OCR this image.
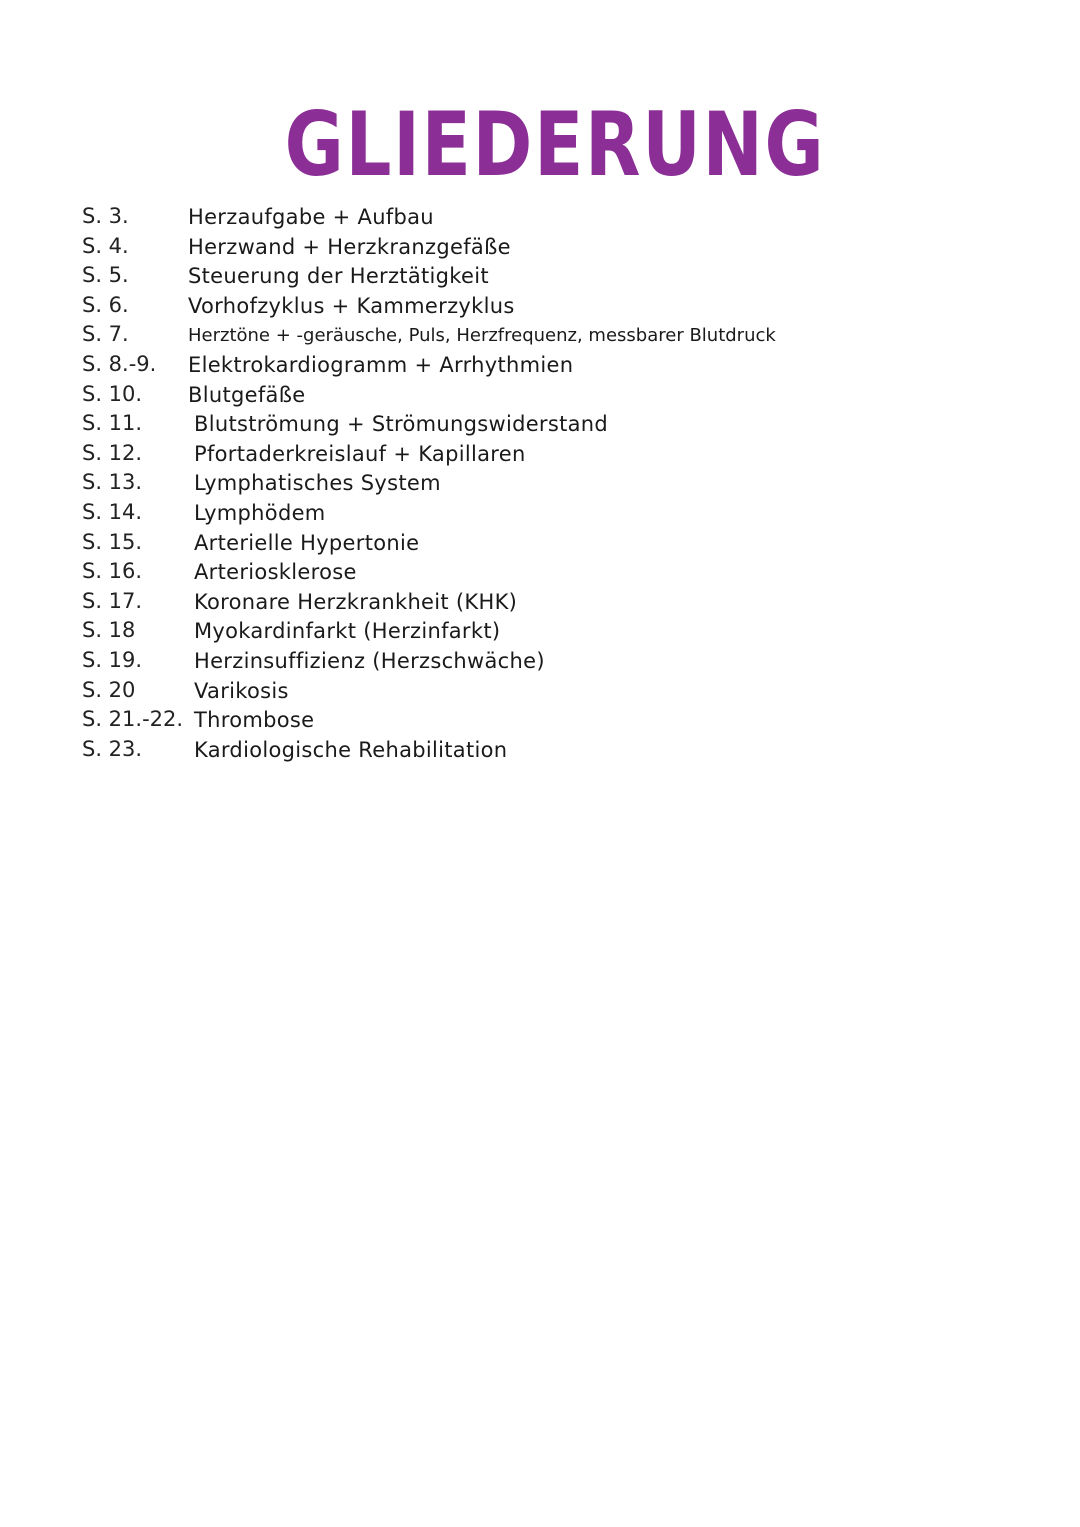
GLIEDERUNG
S. 3.	Herzaufgabe + Aufbau
S. 4.	Herzwand + Herzkranzgefäße
S. 5.	Steuerung der Herztätigkeit
S. 6.	Vorhofzyklus + Kammerzyklus
S. 7.	Herztöne + -geräusche, Puls, Herzfrequenz, messbarer Blutdruck
S. 8.-9. Elektrokardiogramm + Arrhythmien
S. 10. Blutgefäße
S. 11. Blutströmung + Strömungswiderstand
S. 12. Pfortaderkreislauf + Kapillaren
S. 13. Lymphatisches System
S. 14. Lymphödem
S. 15. Arterielle Hypertonie
S. 16. Arteriosklerose
S. 17. Koronare Herzkrankheit (KHK)
S. 18	Myokardinfarkt (Herzinfarkt)
S. 19. Herzinsuffizienz (Herzschwäche)
S. 20	Varikosis
S. 21.-22. Thrombose
S. 23. Kardiologische Rehabilitation
